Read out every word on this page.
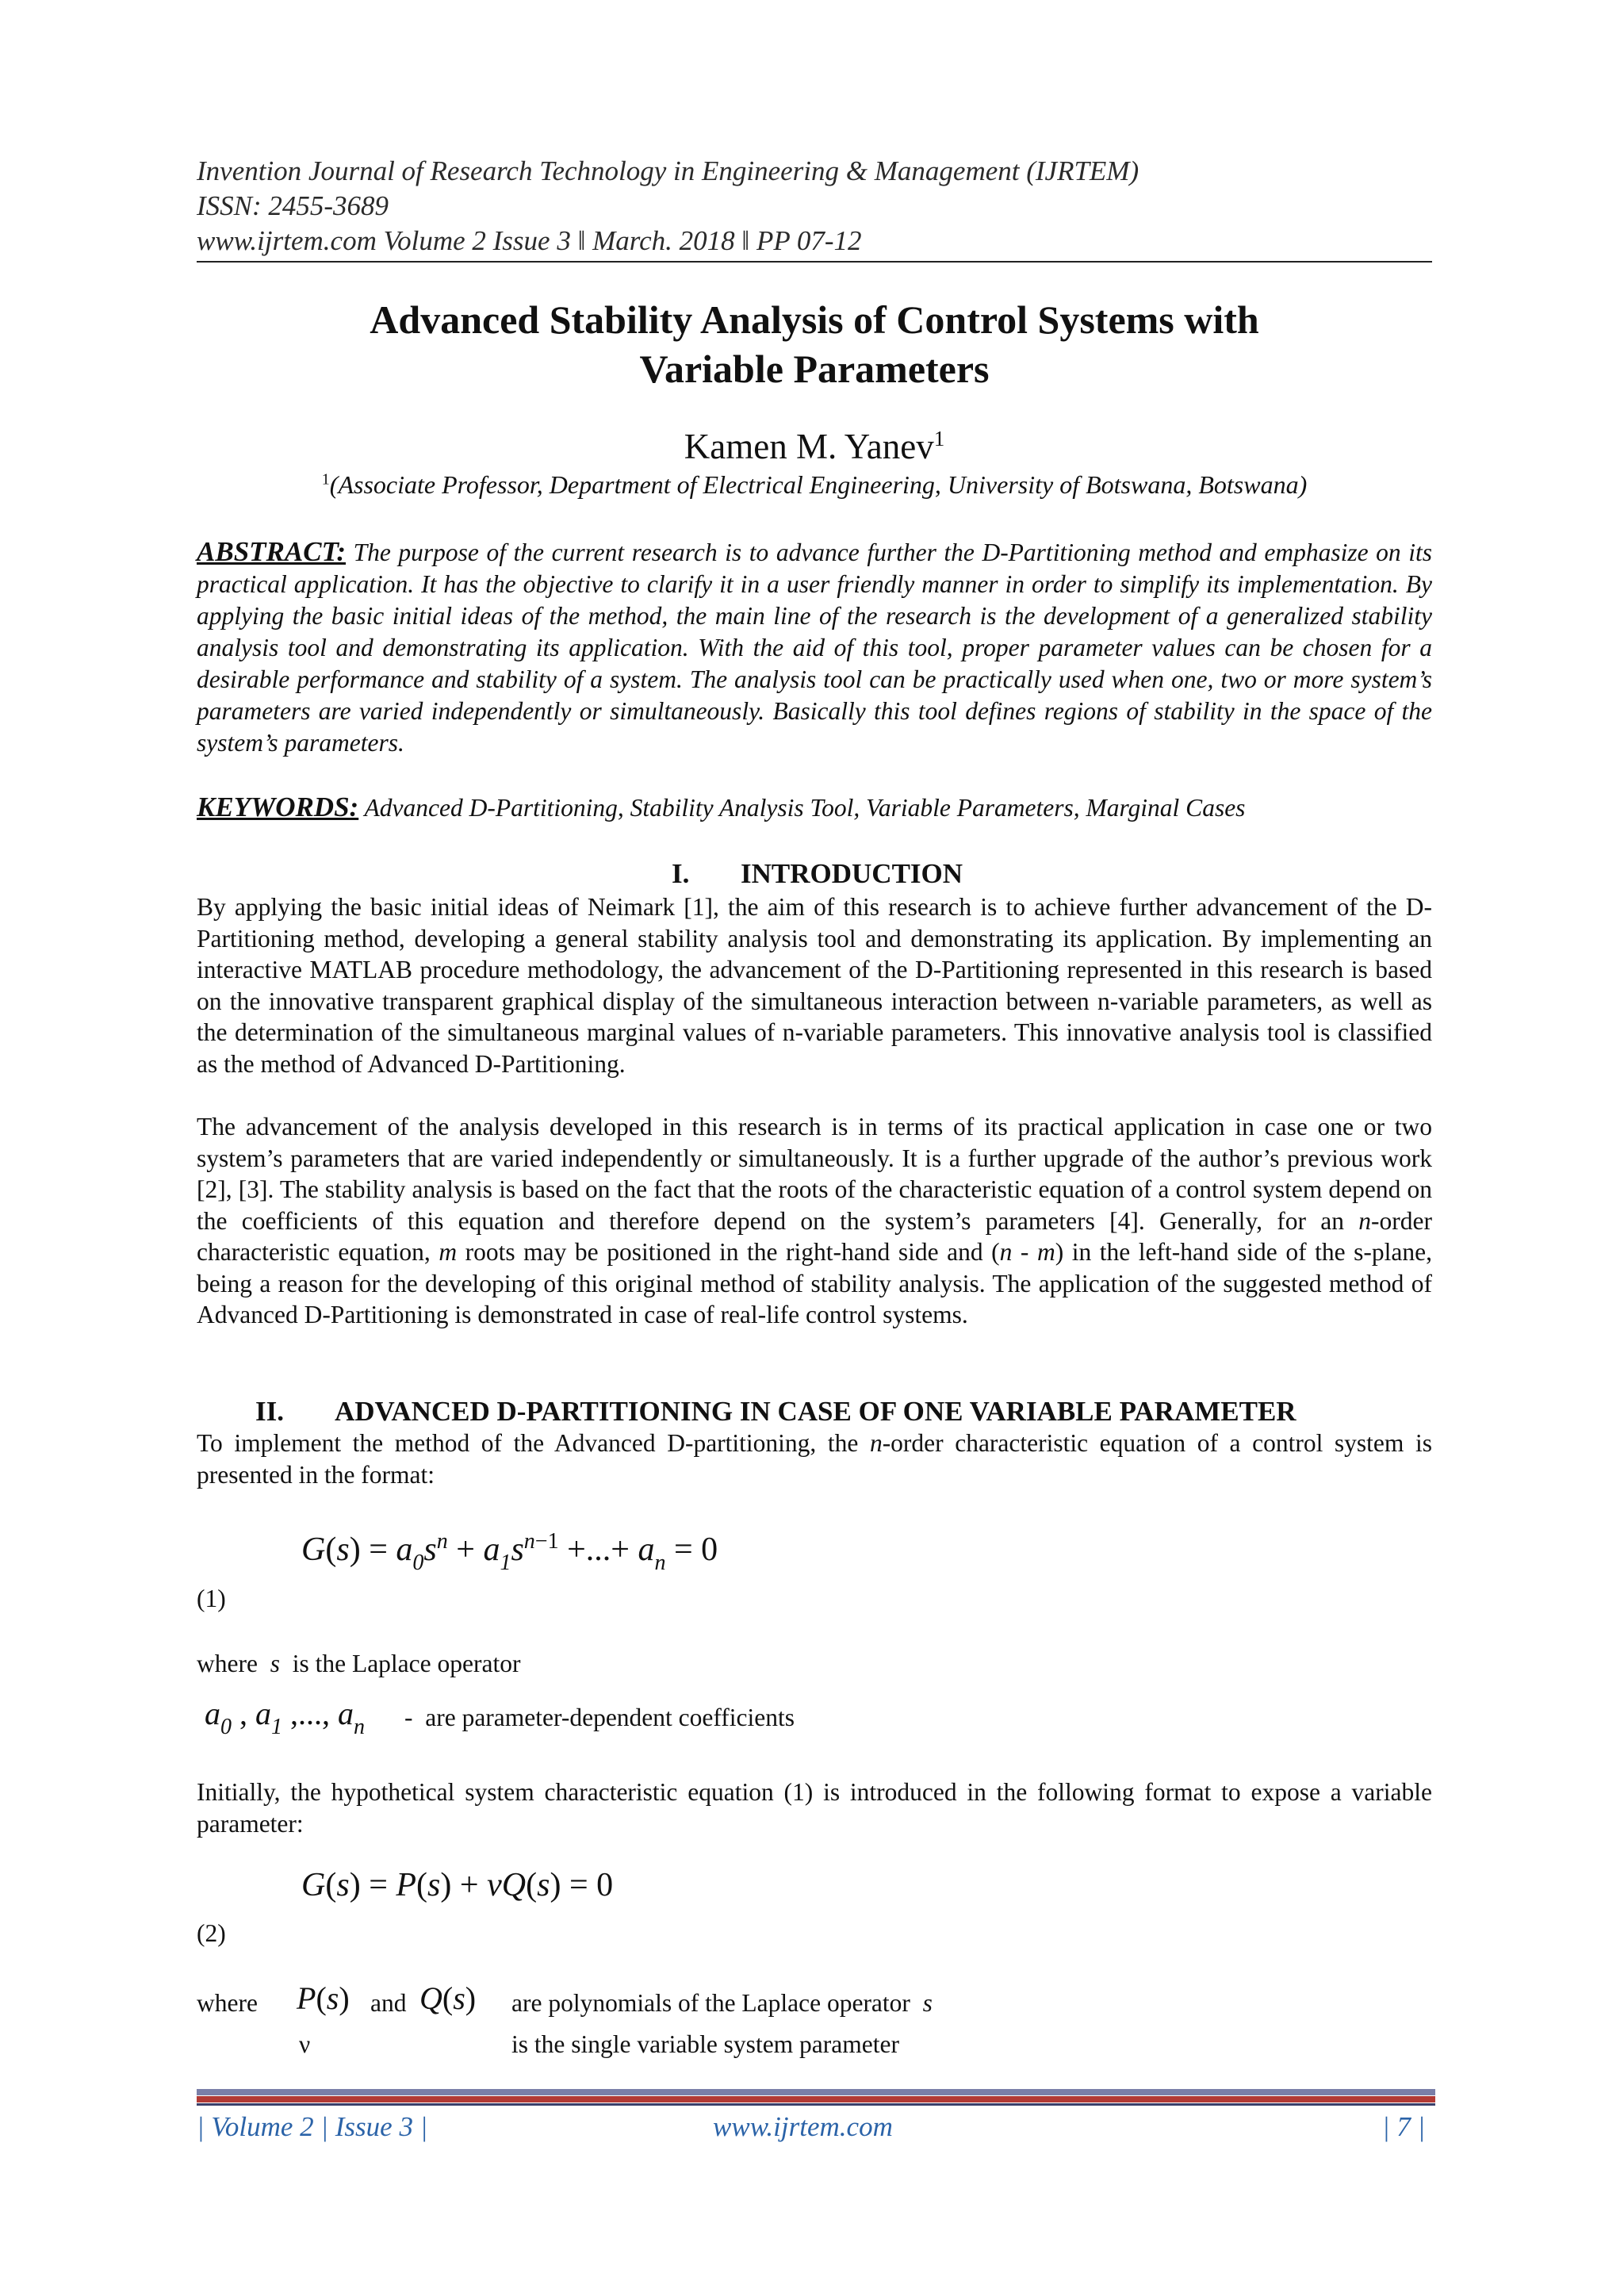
Invention Journal of Research Technology in Engineering & Management (IJRTEM)
ISSN: 2455-3689
www.ijrtem.com Volume 2 Issue 3 ǁ March. 2018 ǁ PP 07-12
Advanced Stability Analysis of Control Systems with
Variable Parameters
Kamen M. Yanev$^1$
$^1$(Associate Professor, Department of Electrical Engineering, University of Botswana, Botswana)
ABSTRACT: The purpose of the current research is to advance further the D-Partitioning method and emphasize on its practical application. It has the objective to clarify it in a user friendly manner in order to simplify its implementation. By applying the basic initial ideas of the method, the main line of the research is the development of a generalized stability analysis tool and demonstrating its application. With the aid of this tool, proper parameter values can be chosen for a desirable performance and stability of a system. The analysis tool can be practically used when one, two or more system’s parameters are varied independently or simultaneously. Basically this tool defines regions of stability in the space of the system’s parameters.
KEYWORDS: Advanced D-Partitioning, Stability Analysis Tool, Variable Parameters, Marginal Cases
I. INTRODUCTION
By applying the basic initial ideas of Neimark [1], the aim of this research is to achieve further advancement of the D-Partitioning method, developing a general stability analysis tool and demonstrating its application. By implementing an interactive MATLAB procedure methodology, the advancement of the D-Partitioning represented in this research is based on the innovative transparent graphical display of the simultaneous interaction between n-variable parameters, as well as the determination of the simultaneous marginal values of n-variable parameters. This innovative analysis tool is classified as the method of Advanced D-Partitioning.
The advancement of the analysis developed in this research is in terms of its practical application in case one or two system’s parameters that are varied independently or simultaneously. It is a further upgrade of the author’s previous work [2], [3]. The stability analysis is based on the fact that the roots of the characteristic equation of a control system depend on the coefficients of this equation and therefore depend on the system’s parameters [4]. Generally, for an n-order characteristic equation, m roots may be positioned in the right-hand side and (n - m) in the left-hand side of the s-plane, being a reason for the developing of this original method of stability analysis. The application of the suggested method of Advanced D-Partitioning is demonstrated in case of real-life control systems.
II. ADVANCED D-PARTITIONING IN CASE OF ONE VARIABLE PARAMETER
To implement the method of the Advanced D-partitioning, the n-order characteristic equation of a control system is presented in the format:
$G(s) = a_0s^n + a_1s^{n-1}$ +...+ $a_n = 0$
(1)
where s is the Laplace operator
$a_0$ , $a_1$ ,..., $a_n$ -  are parameter-dependent coefficients
Initially, the hypothetical system characteristic equation (1) is introduced in the following format to expose a variable parameter:
G(s) = P(s) + vQ(s) = 0
(2)
where P(s) and Q(s) are polynomials of the Laplace operator s
ν	is the single variable system parameter
| Volume 2 | Issue 3 |	www.ijrtem.com	| 7 |
